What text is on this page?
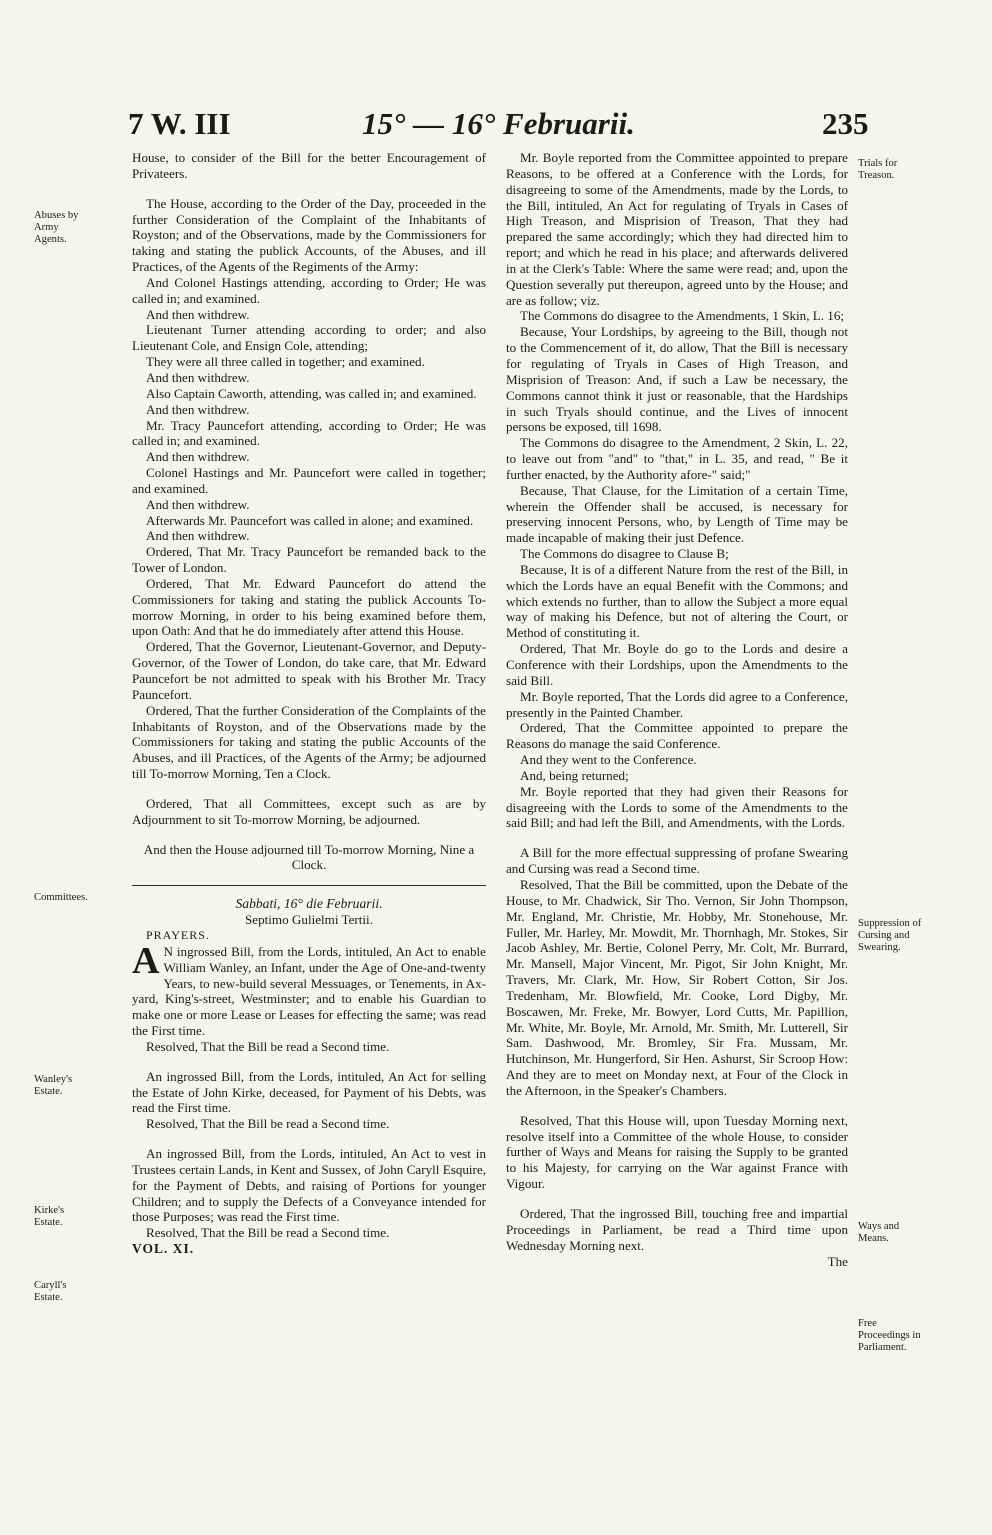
7 W. III	15° — 16° Februarii.	235
Abuses by Army Agents.
Committees.
Wanley's Estate.
Kirke's Estate.
Caryll's Estate.
Trials for Treason.
Suppression of Cursing and Swearing.
Ways and Means.
Free Proceedings in Parliament.

House, to consider of the Bill for the better Encouragement of Privateers.

The House, according to the Order of the Day, proceeded in the further Consideration of the Complaint of the Inhabitants of Royston; and of the Observations, made by the Commissioners for taking and stating the publick Accounts, of the Abuses, and ill Practices, of the Agents of the Regiments of the Army:

And Colonel Hastings attending, according to Order; He was called in; and examined.

And then withdrew.

Lieutenant Turner attending according to order; and also Lieutenant Cole, and Ensign Cole, attending;

They were all three called in together; and examined.

And then withdrew.

Also Captain Caworth, attending, was called in; and examined.

And then withdrew.

Mr. Tracy Pauncefort attending, according to Order; He was called in; and examined.

And then withdrew.

Colonel Hastings and Mr. Pauncefort were called in together; and examined.

And then withdrew.

Afterwards Mr. Pauncefort was called in alone; and examined.

And then withdrew.

Ordered, That Mr. Tracy Pauncefort be remanded back to the Tower of London.

Ordered, That Mr. Edward Pauncefort do attend the Commissioners for taking and stating the publick Accounts To-morrow Morning, in order to his being examined before them, upon Oath: And that he do immediately after attend this House.

Ordered, That the Governor, Lieutenant-Governor, and Deputy-Governor, of the Tower of London, do take care, that Mr. Edward Pauncefort be not admitted to speak with his Brother Mr. Tracy Pauncefort.

Ordered, That the further Consideration of the Complaints of the Inhabitants of Royston, and of the Observations made by the Commissioners for taking and stating the public Accounts of the Abuses, and ill Practices, of the Agents of the Army; be adjourned till To-morrow Morning, Ten a Clock.

Ordered, That all Committees, except such as are by Adjournment to sit To-morrow Morning, be adjourned.

And then the House adjourned till To-morrow Morning, Nine a Clock.

Sabbati, 16° die Februarii.

Septimo Gulielmi Tertii.

PRAYERS.

A N ingrossed Bill, from the Lords, intituled, An Act to enable William Wanley, an Infant, under the Age of One-and-twenty Years, to new-build several Messuages, or Tenements, in Ax-yard, King's-street, Westminster; and to enable his Guardian to make one or more Lease or Leases for effecting the same; was read the First time.

Resolved, That the Bill be read a Second time.

An ingrossed Bill, from the Lords, intituled, An Act for selling the Estate of John Kirke, deceased, for Payment of his Debts, was read the First time.

Resolved, That the Bill be read a Second time.

An ingrossed Bill, from the Lords, intituled, An Act to vest in Trustees certain Lands, in Kent and Sussex, of John Caryll Esquire, for the Payment of Debts, and raising of Portions for younger Children; and to supply the Defects of a Conveyance intended for those Purposes; was read the First time.

Resolved, That the Bill be read a Second time.

VOL. XI.

Mr. Boyle reported from the Committee appointed to prepare Reasons, to be offered at a Conference with the Lords, for disagreeing to some of the Amendments, made by the Lords, to the Bill, intituled, An Act for regulating of Tryals in Cases of High Treason, and Misprision of Treason, That they had prepared the same accordingly; which they had directed him to report; and which he read in his place; and afterwards delivered in at the Clerk's Table: Where the same were read; and, upon the Question severally put thereupon, agreed unto by the House; and are as follow; viz.

The Commons do disagree to the Amendments, 1 Skin, L. 16;

Because, Your Lordships, by agreeing to the Bill, though not to the Commencement of it, do allow, That the Bill is necessary for regulating of Tryals in Cases of High Treason, and Misprision of Treason: And, if such a Law be necessary, the Commons cannot think it just or reasonable, that the Hardships in such Tryals should continue, and the Lives of innocent persons be exposed, till 1698.

The Commons do disagree to the Amendment, 2 Skin, L. 22, to leave out from "and" to "that," in L. 35, and read, " Be it further enacted, by the Authority afore-" said;"

Because, That Clause, for the Limitation of a certain Time, wherein the Offender shall be accused, is necessary for preserving innocent Persons, who, by Length of Time may be made incapable of making their just Defence.

The Commons do disagree to Clause B;

Because, It is of a different Nature from the rest of the Bill, in which the Lords have an equal Benefit with the Commons; and which extends no further, than to allow the Subject a more equal way of making his Defence, but not of altering the Court, or Method of constituting it.

Ordered, That Mr. Boyle do go to the Lords and desire a Conference with their Lordships, upon the Amendments to the said Bill.

Mr. Boyle reported, That the Lords did agree to a Conference, presently in the Painted Chamber.

Ordered, That the Committee appointed to prepare the Reasons do manage the said Conference.

And they went to the Conference.

And, being returned;

Mr. Boyle reported that they had given their Reasons for disagreeing with the Lords to some of the Amendments to the said Bill; and had left the Bill, and Amendments, with the Lords.

A Bill for the more effectual suppressing of profane Swearing and Cursing was read a Second time.

Resolved, That the Bill be committed, upon the Debate of the House, to Mr. Chadwick, Sir Tho. Vernon, Sir John Thompson, Mr. England, Mr. Christie, Mr. Hobby, Mr. Stonehouse, Mr. Fuller, Mr. Harley, Mr. Mowdit, Mr. Thornhagh, Mr. Stokes, Sir Jacob Ashley, Mr. Bertie, Colonel Perry, Mr. Colt, Mr. Burrard, Mr. Mansell, Major Vincent, Mr. Pigot, Sir John Knight, Mr. Travers, Mr. Clark, Mr. How, Sir Robert Cotton, Sir Jos. Tredenham, Mr. Blowfield, Mr. Cooke, Lord Digby, Mr. Boscawen, Mr. Freke, Mr. Bowyer, Lord Cutts, Mr. Papillion, Mr. White, Mr. Boyle, Mr. Arnold, Mr. Smith, Mr. Lutterell, Sir Sam. Dashwood, Mr. Bromley, Sir Fra. Mussam, Mr. Hutchinson, Mr. Hungerford, Sir Hen. Ashurst, Sir Scroop How: And they are to meet on Monday next, at Four of the Clock in the Afternoon, in the Speaker's Chambers.

Resolved, That this House will, upon Tuesday Morning next, resolve itself into a Committee of the whole House, to consider further of Ways and Means for raising the Supply to be granted to his Majesty, for carrying on the War against France with Vigour.

Ordered, That the ingrossed Bill, touching free and impartial Proceedings in Parliament, be read a Third time upon Wednesday Morning next.

The
